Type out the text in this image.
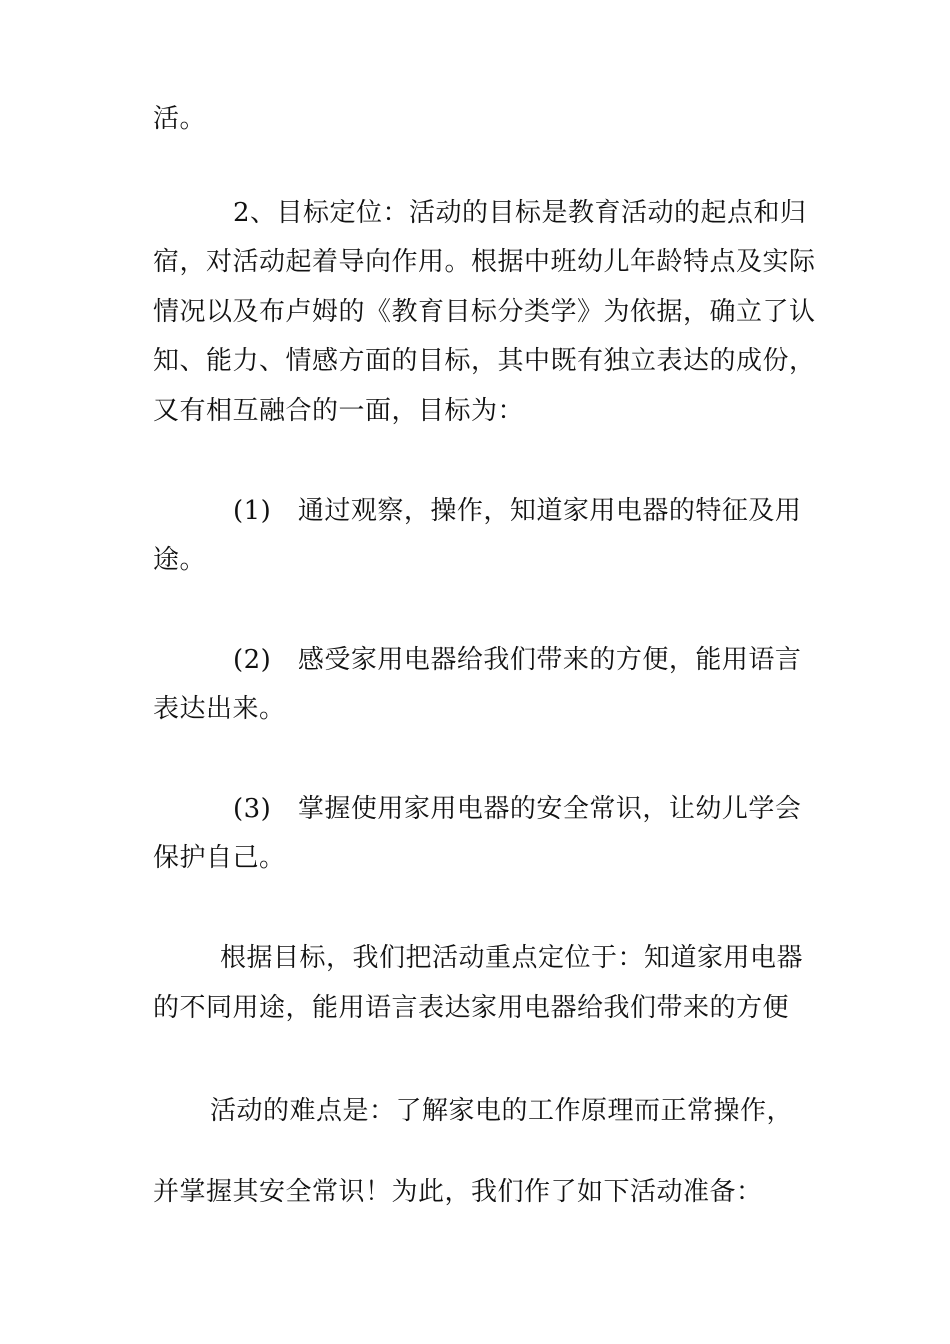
活。
2、目标定位：活动的目标是教育活动的起点和归
宿，对活动起着导向作用。根据中班幼儿年龄特点及实际
情况以及布卢姆的《教育目标分类学》为依据，确立了认
知、能力、情感方面的目标，其中既有独立表达的成份，
又有相互融合的一面，目标为：
(1)　通过观察，操作，知道家用电器的特征及用
途。
(2)　感受家用电器给我们带来的方便，能用语言
表达出来。
(3)　掌握使用家用电器的安全常识，让幼儿学会
保护自己。
根据目标，我们把活动重点定位于：知道家用电器
的不同用途，能用语言表达家用电器给我们带来的方便
活动的难点是：了解家电的工作原理而正常操作，
并掌握其安全常识！为此，我们作了如下活动准备：
